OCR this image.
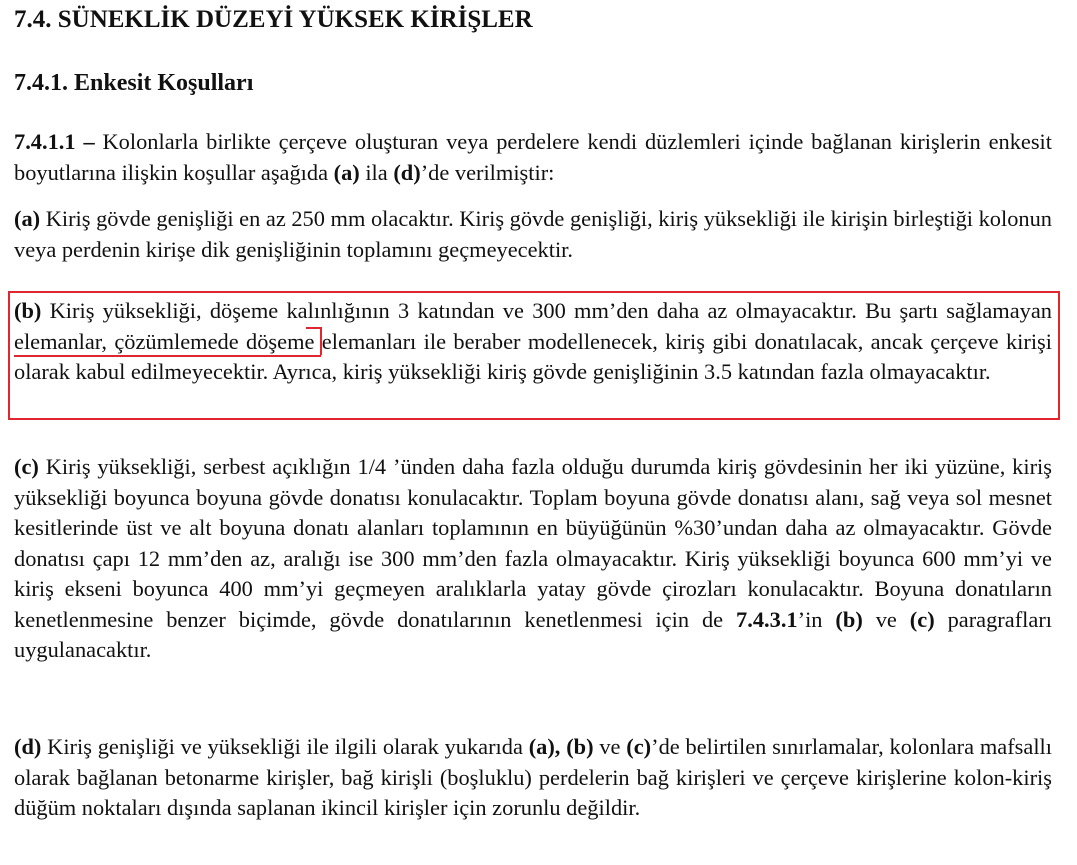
7.4. SÜNEKLİK DÜZEYİ YÜKSEK KİRİŞLER
7.4.1. Enkesit Koşulları

7.4.1.1 – Kolonlarla birlikte çerçeve oluşturan veya perdelere kendi düzlemleri içinde bağlanan kirişlerin enkesit boyutlarına ilişkin koşullar aşağıda (a) ila (d)’de verilmiştir:

(a) Kiriş gövde genişliği en az 250 mm olacaktır. Kiriş gövde genişliği, kiriş yüksekliği ile kirişin birleştiği kolonun veya perdenin kirişe dik genişliğinin toplamını geçmeyecektir.

(b) Kiriş yüksekliği, döşeme kalınlığının 3 katından ve 300 mm’den daha az olmayacaktır. Bu şartı sağlamayan elemanlar, çözümlemede döşeme elemanları ile beraber modellenecek, kiriş gibi donatılacak, ancak çerçeve kirişi olarak kabul edilmeyecektir. Ayrıca, kiriş yüksekliği kiriş gövde genişliğinin 3.5 katından fazla olmayacaktır.

(c) Kiriş yüksekliği, serbest açıklığın 1/4 ’ünden daha fazla olduğu durumda kiriş gövdesinin her iki yüzüne, kiriş yüksekliği boyunca boyuna gövde donatısı konulacaktır. Toplam boyuna gövde donatısı alanı, sağ veya sol mesnet kesitlerinde üst ve alt boyuna donatı alanları toplamının en büyüğünün %30’undan daha az olmayacaktır. Gövde donatısı çapı 12 mm’den az, aralığı ise 300 mm’den fazla olmayacaktır. Kiriş yüksekliği boyunca 600 mm’yi ve kiriş ekseni boyunca 400 mm’yi geçmeyen aralıklarla yatay gövde çirozları konulacaktır. Boyuna donatıların kenetlenmesine benzer biçimde, gövde donatılarının kenetlenmesi için de 7.4.3.1’in (b) ve (c) paragrafları uygulanacaktır.

(d) Kiriş genişliği ve yüksekliği ile ilgili olarak yukarıda (a), (b) ve (c)’de belirtilen sınırlamalar, kolonlara mafsallı olarak bağlanan betonarme kirişler, bağ kirişli (boşluklu) perdelerin bağ kirişleri ve çerçeve kirişlerine kolon-kiriş düğüm noktaları dışında saplanan ikincil kirişler için zorunlu değildir.
